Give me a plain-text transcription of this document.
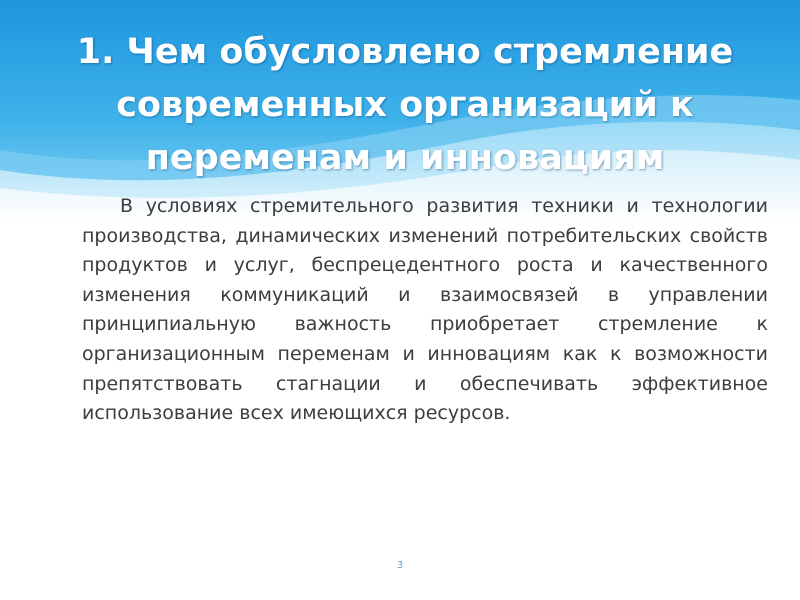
1. Чем обусловлено стремление современных организаций к переменам и инновациям

В условиях стремительного развития техники и технологии производства, динамических изменений потребительских свойств продуктов и услуг, беспрецедентного роста и качественного изменения коммуникаций и взаимосвязей в управлении принципиальную важность приобретает стремление к организационным переменам и инновациям как к возможности препятствовать стагнации и обеспечивать эффективное использование всех имеющихся ресурсов.

3
